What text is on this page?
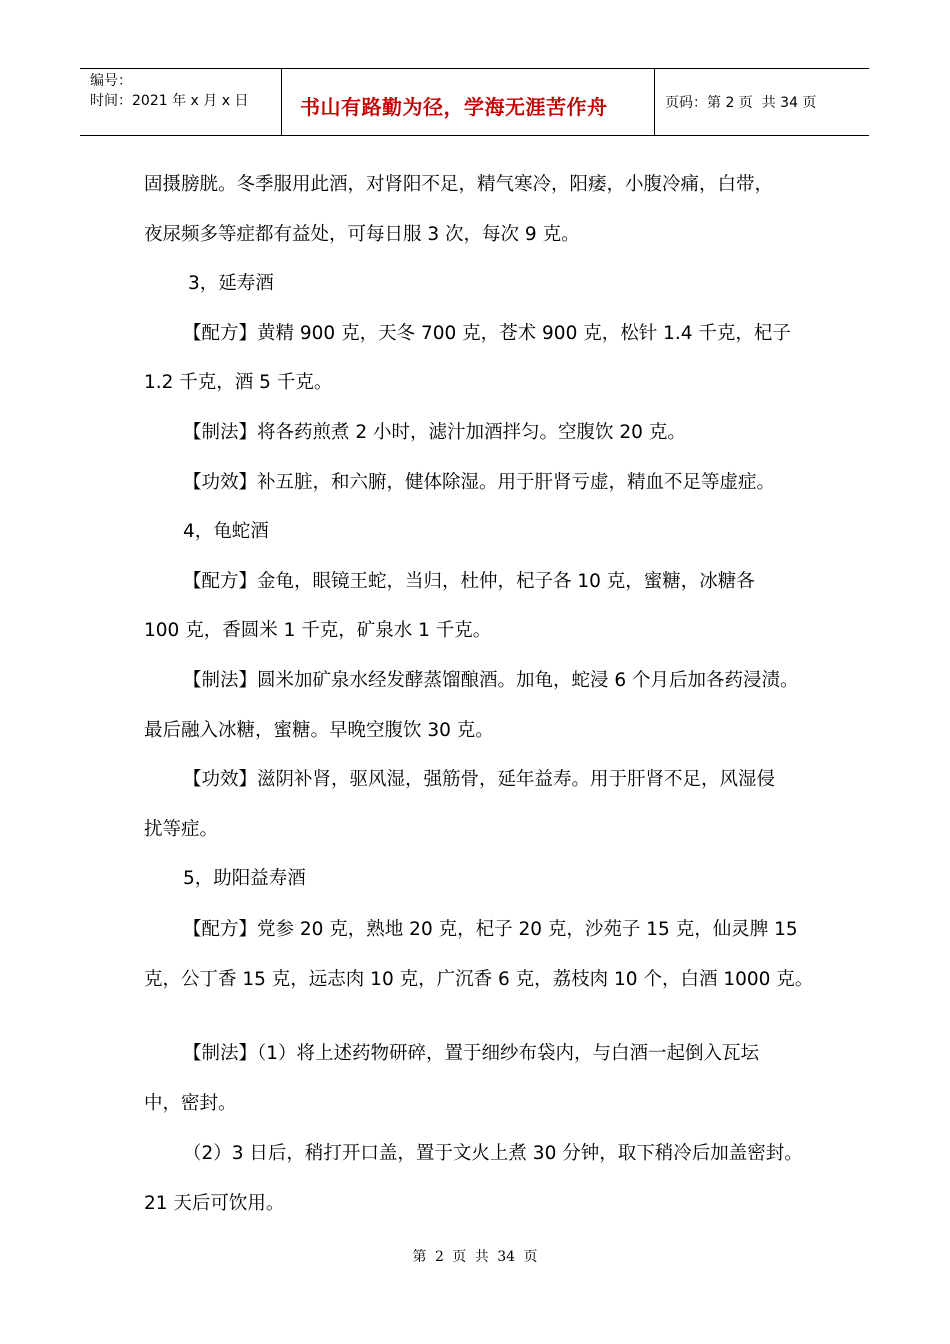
编号：
时间：2021 年 x 月 x 日	书山有路勤为径，学海无涯苦作舟	页码：第 2 页  共 34 页
固摄膀胱。冬季服用此酒，对肾阳不足，精气寒冷，阳痿，小腹冷痛，白带，
夜尿频多等症都有益处，可每日服 3 次，每次 9 克。
3，延寿酒
【配方】黄精 900 克，天冬 700 克，苍术 900 克，松针 1.4 千克，杞子
1.2 千克，酒 5 千克。
【制法】将各药煎煮 2 小时，滤汁加酒拌匀。空腹饮 20 克。
【功效】补五脏，和六腑，健体除湿。用于肝肾亏虚，精血不足等虚症。
4，龟蛇酒
【配方】金龟，眼镜王蛇，当归，杜仲，杞子各 10 克，蜜糖，冰糖各
100 克，香圆米 1 千克，矿泉水 1 千克。
【制法】圆米加矿泉水经发酵蒸馏酿酒。加龟，蛇浸 6 个月后加各药浸渍。
最后融入冰糖，蜜糖。早晚空腹饮 30 克。
【功效】滋阴补肾，驱风湿，强筋骨，延年益寿。用于肝肾不足，风湿侵
扰等症。
5，助阳益寿酒
【配方】党参 20 克，熟地 20 克，杞子 20 克，沙苑子 15 克，仙灵脾 15
克，公丁香 15 克，远志肉 10 克，广沉香 6 克，荔枝肉 10 个，白酒 1000 克。
【制法】（1）将上述药物研碎，置于细纱布袋内，与白酒一起倒入瓦坛
中，密封。
（2）3 日后，稍打开口盖，置于文火上煮 30 分钟，取下稍冷后加盖密封。
21 天后可饮用。
第 2 页 共 34 页
